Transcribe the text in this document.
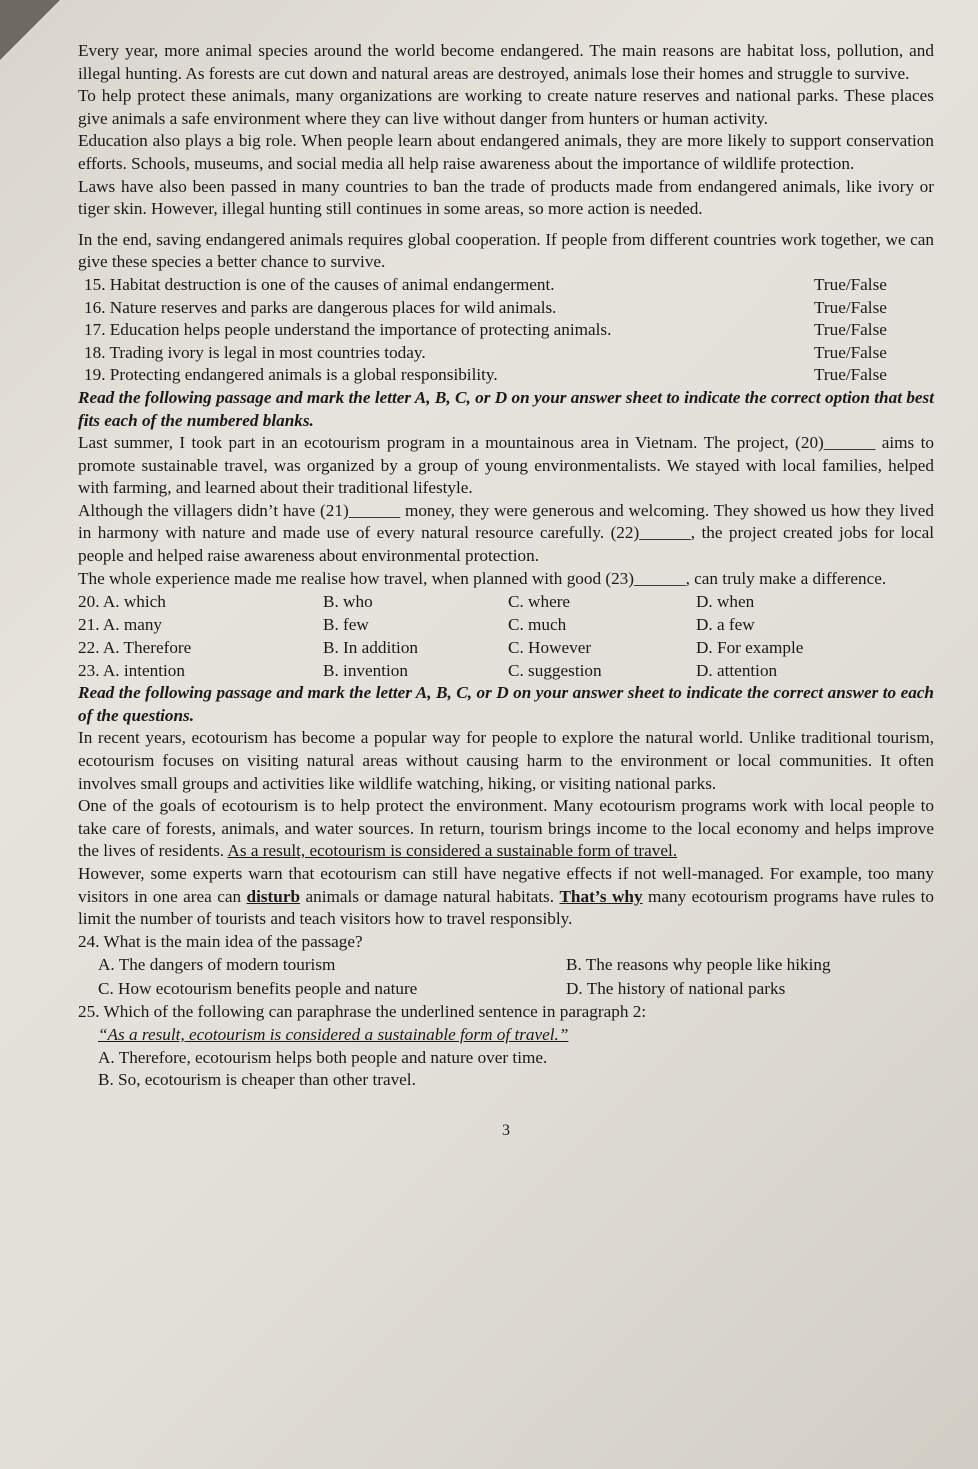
Every year, more animal species around the world become endangered. The main reasons are habitat loss, pollution, and illegal hunting. As forests are cut down and natural areas are destroyed, animals lose their homes and struggle to survive.

To help protect these animals, many organizations are working to create nature reserves and national parks. These places give animals a safe environment where they can live without danger from hunters or human activity.

Education also plays a big role. When people learn about endangered animals, they are more likely to support conservation efforts. Schools, museums, and social media all help raise awareness about the importance of wildlife protection.

Laws have also been passed in many countries to ban the trade of products made from endangered animals, like ivory or tiger skin. However, illegal hunting still continues in some areas, so more action is needed.

In the end, saving endangered animals requires global cooperation. If people from different countries work together, we can give these species a better chance to survive.

15. Habitat destruction is one of the causes of animal endangerment.	True/False
16. Nature reserves and parks are dangerous places for wild animals.	True/False
17. Education helps people understand the importance of protecting animals.	True/False
18. Trading ivory is legal in most countries today.	True/False
19. Protecting endangered animals is a global responsibility.	True/False

Read the following passage and mark the letter A, B, C, or D on your answer sheet to indicate the correct option that best fits each of the numbered blanks.

Last summer, I took part in an ecotourism program in a mountainous area in Vietnam. The project, (20)______ aims to promote sustainable travel, was organized by a group of young environmentalists. We stayed with local families, helped with farming, and learned about their traditional lifestyle.

Although the villagers didn’t have (21)______ money, they were generous and welcoming. They showed us how they lived in harmony with nature and made use of every natural resource carefully. (22)______, the project created jobs for local people and helped raise awareness about environmental protection.

The whole experience made me realise how travel, when planned with good (23)______, can truly make a difference.

20. A. which	B. who	C. where	D. when
21. A. many	B. few	C. much	D. a few
22. A. Therefore	B. In addition	C. However	D. For example
23. A. intention	B. invention	C. suggestion	D. attention

Read the following passage and mark the letter A, B, C, or D on your answer sheet to indicate the correct answer to each of the questions.

In recent years, ecotourism has become a popular way for people to explore the natural world. Unlike traditional tourism, ecotourism focuses on visiting natural areas without causing harm to the environment or local communities. It often involves small groups and activities like wildlife watching, hiking, or visiting national parks.

One of the goals of ecotourism is to help protect the environment. Many ecotourism programs work with local people to take care of forests, animals, and water sources. In return, tourism brings income to the local economy and helps improve the lives of residents. As a result, ecotourism is considered a sustainable form of travel.

However, some experts warn that ecotourism can still have negative effects if not well-managed. For example, too many visitors in one area can disturb animals or damage natural habitats. That’s why many ecotourism programs have rules to limit the number of tourists and teach visitors how to travel responsibly.

24. What is the main idea of the passage?

A. The dangers of modern tourism	B. The reasons why people like hiking
C. How ecotourism benefits people and nature	D. The history of national parks

25. Which of the following can paraphrase the underlined sentence in paragraph 2:

“As a result, ecotourism is considered a sustainable form of travel.”

A. Therefore, ecotourism helps both people and nature over time.

B. So, ecotourism is cheaper than other travel.

3
